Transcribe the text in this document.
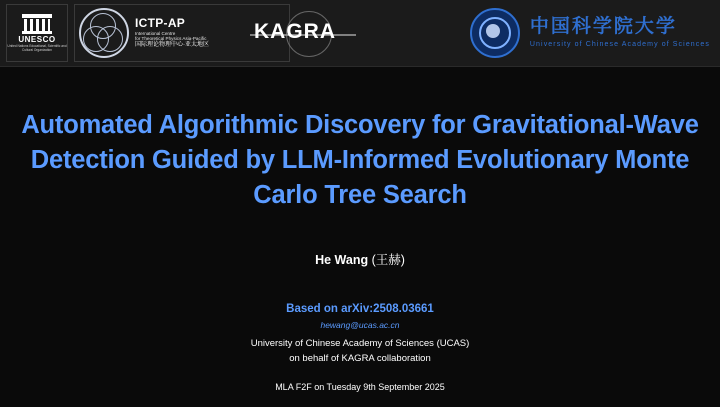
UNESCO
United Nations Educational, Scientific and Cultural Organization
ICTP-AP
International Centre
for Theoretical Physics Asia-Pacific
国际理论物理中心·亚太地区
KAGRA	中国科学院大学
University of Chinese Academy of Sciences
Automated Algorithmic Discovery for Gravitational-Wave Detection Guided by LLM-Informed Evolutionary Monte Carlo Tree Search
He Wang (王赫)
Based on arXiv:2508.03661
hewang@ucas.ac.cn
University of Chinese Academy of Sciences (UCAS)
on behalf of KAGRA collaboration
MLA F2F on Tuesday 9th September 2025
